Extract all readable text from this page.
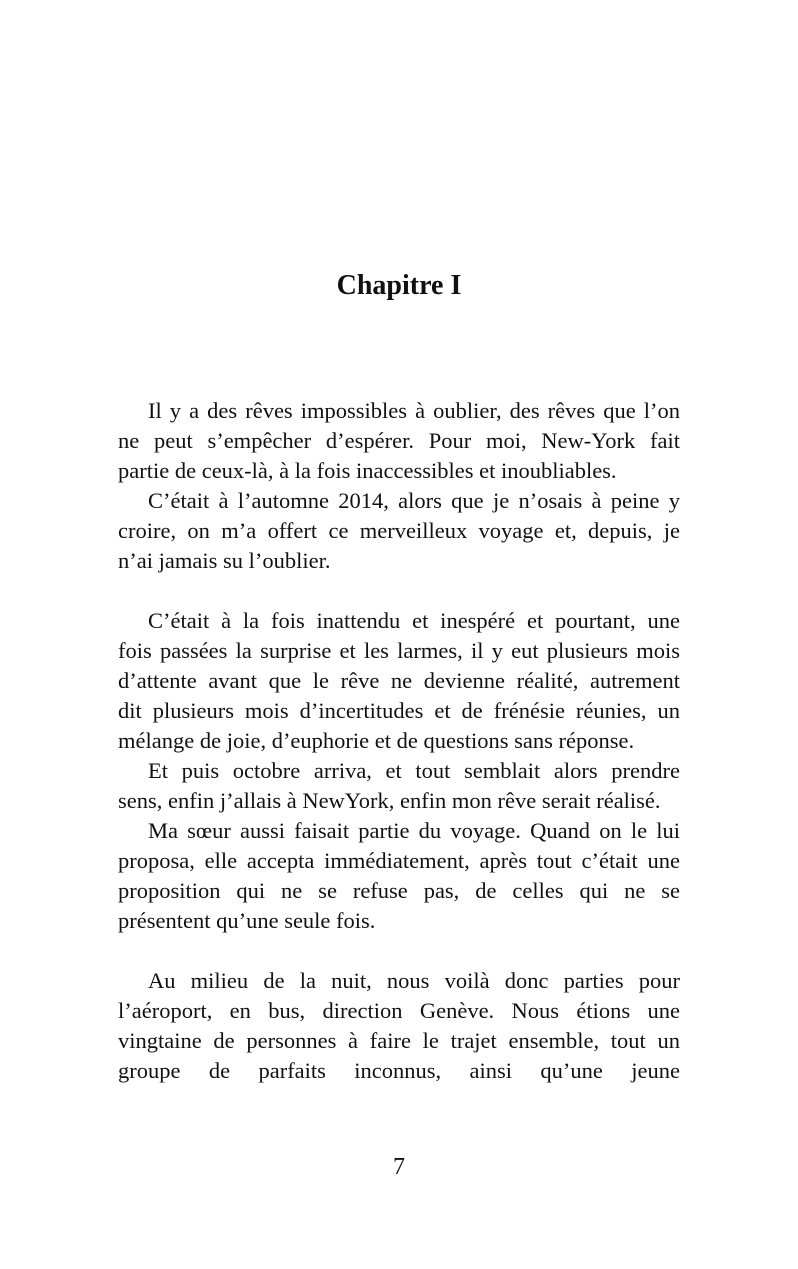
Chapitre I
Il y a des rêves impossibles à oublier, des rêves que l’on
ne peut s’empêcher d’espérer. Pour moi, New-York fait
partie de ceux-là, à la fois inaccessibles et inoubliables.
C’était à l’automne 2014, alors que je n’osais à peine y
croire, on m’a offert ce merveilleux voyage et, depuis, je
n’ai jamais su l’oublier.
C’était à la fois inattendu et inespéré et pourtant, une
fois passées la surprise et les larmes, il y eut plusieurs mois
d’attente avant que le rêve ne devienne réalité, autrement
dit plusieurs mois d’incertitudes et de frénésie réunies, un
mélange de joie, d’euphorie et de questions sans réponse.
Et puis octobre arriva, et tout semblait alors prendre
sens, enfin j’allais à NewYork, enfin mon rêve serait réalisé.
Ma sœur aussi faisait partie du voyage. Quand on le lui
proposa, elle accepta immédiatement, après tout c’était une
proposition qui ne se refuse pas, de celles qui ne se
présentent qu’une seule fois.
Au milieu de la nuit, nous voilà donc parties pour
l’aéroport, en bus, direction Genève. Nous étions une
vingtaine de personnes à faire le trajet ensemble, tout un
groupe de parfaits inconnus, ainsi qu’une jeune
7
